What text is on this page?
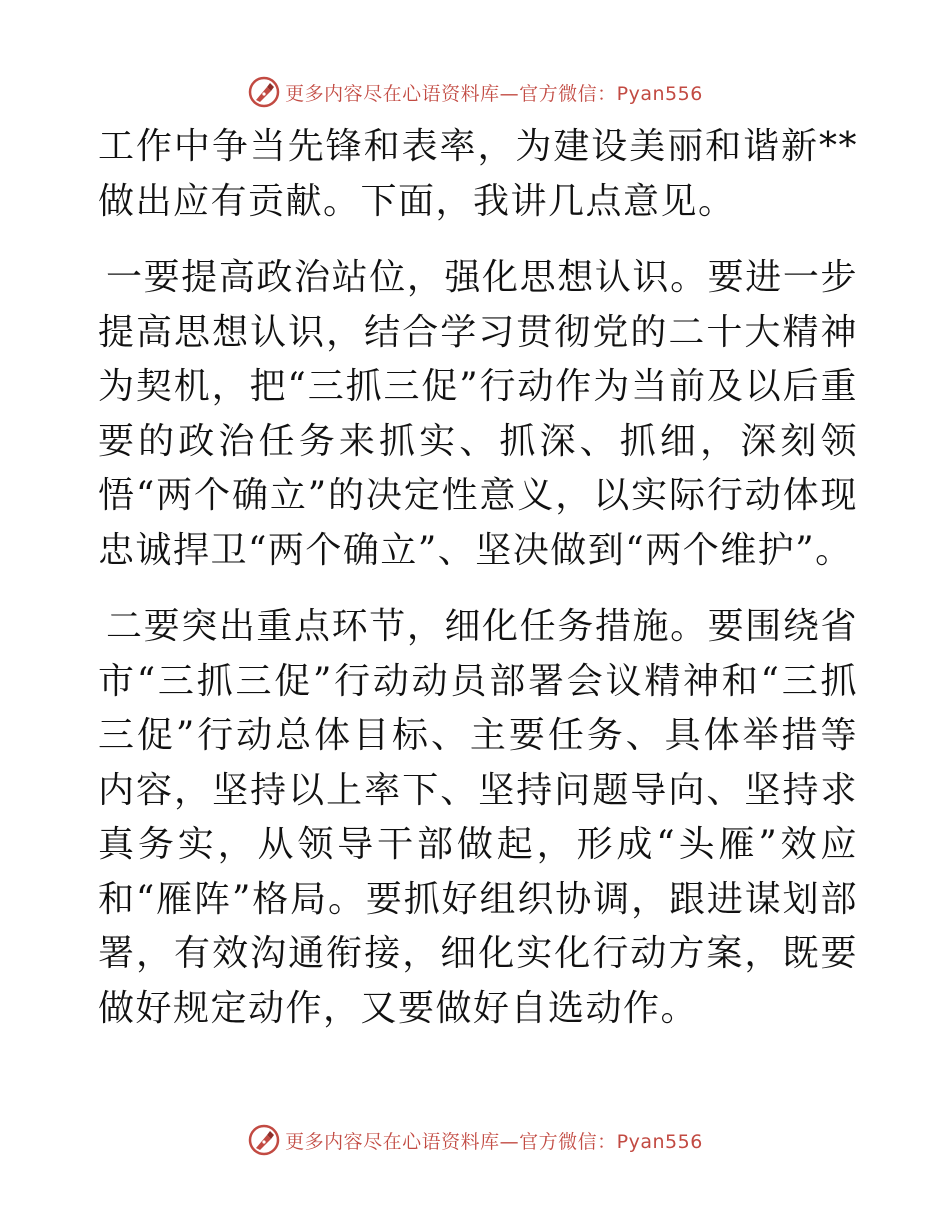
更多内容尽在心语资料库—官方微信：Pyan556

工作中争当先锋和表率，为建设美丽和谐新**做出应有贡献。下面，我讲几点意见。

一要提高政治站位，强化思想认识。要进一步提高思想认识，结合学习贯彻党的二十大精神为契机，把“三抓三促”行动作为当前及以后重要的政治任务来抓实、抓深、抓细，深刻领悟“两个确立”的决定性意义，以实际行动体现忠诚捍卫“两个确立”、坚决做到“两个维护”。

二要突出重点环节，细化任务措施。要围绕省市“三抓三促”行动动员部署会议精神和“三抓三促”行动总体目标、主要任务、具体举措等内容，坚持以上率下、坚持问题导向、坚持求真务实，从领导干部做起，形成“头雁”效应和“雁阵”格局。要抓好组织协调，跟进谋划部署，有效沟通衔接，细化实化行动方案，既要做好规定动作，又要做好自选动作。

更多内容尽在心语资料库—官方微信：Pyan556
